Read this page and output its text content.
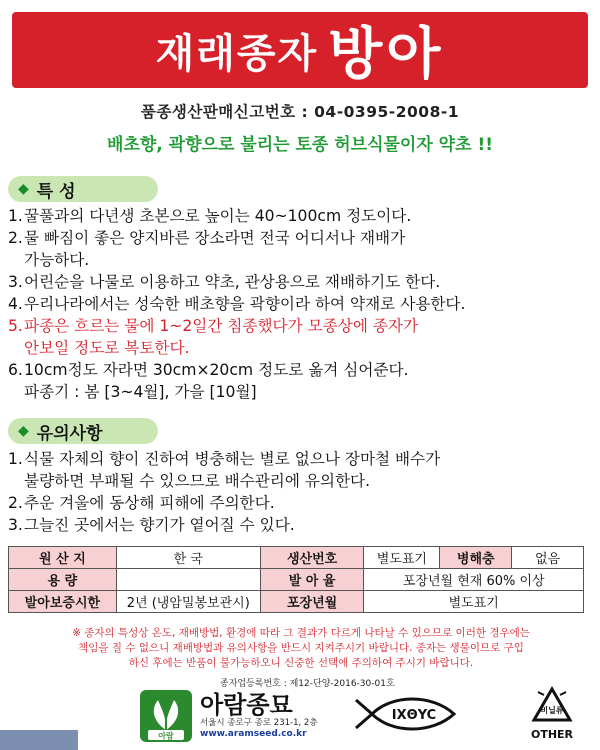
재래종자 방아
품종생산판매신고번호 : 04-0395-2008-1
배초향, 곽향으로 불리는 토종 허브식물이자 약초 !!
◆ 특 성
1. 꿀풀과의 다년생 초본으로 높이는 40~100cm 정도이다.
2. 물 빠짐이 좋은 양지바른 장소라면 전국 어디서나 재배가
가능하다.
3. 어린순을 나물로 이용하고 약초, 관상용으로 재배하기도 한다.
4. 우리나라에서는 성숙한 배초향을 곽향이라 하여 약재로 사용한다.
5. 파종은 흐르는 물에 1~2일간 침종했다가 모종상에 종자가
안보일 정도로 복토한다.
6. 10cm정도 자라면 30cm×20cm 정도로 옮겨 심어준다.
파종기 : 봄 [3~4월], 가을 [10월]
◆ 유의사항
1. 식물 자체의 향이 진하여 병충해는 별로 없으나 장마철 배수가
불량하면 부패될 수 있으므로 배수관리에 유의한다.
2. 추운 겨울에 동상해 피해에 주의한다.
3. 그늘진 곳에서는 향기가 옅어질 수 있다.
원 산 지	한 국	생산번호	별도표기	병해충	없음
용 량		발 아 율	포장년월 현재 60% 이상		
발아보증시한	2년 (냉암밀봉보관시)	포장년월	별도표기		
※ 종자의 특성상 온도, 재배방법, 환경에 따라 그 결과가 다르게 나타날 수 있으므로 이러한 경우에는
책임을 질 수 없으니 재배방법과 유의사항을 반드시 지켜주시기 바랍니다. 종자는 생물이므로 구입
하신 후에는 반품이 불가능하오니 신중한 선택에 주의하여 주시기 바랍니다.
종자업등록번호 : 제12-단양-2016-30-01호
아람
아람종묘
서울시 종로구 종로 231-1, 2층
www.aramseed.co.kr
IXΘYC	비닐류
OTHER
